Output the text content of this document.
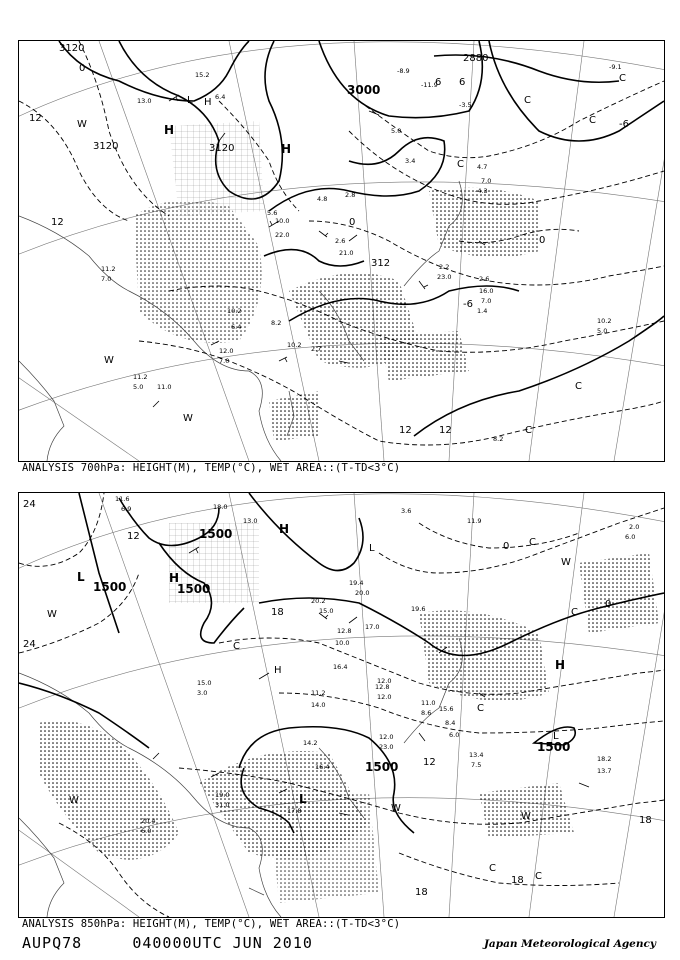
3120
3120	3120
3000
2880
312
H
H
L H
0
12
12
0
6
-6
-6
0
6
12	12
C
C
C
W
W
C
C
W
C
13.0
15.2
6.4
-8.9
-11.9
-3.5
-9.1
5.0
3.4
4.7
7.0
-4.3
2.8
4.8
5.6
10.0
22.0
2.6
21.0
2.2
23.0	2.6
16.0
7.0
1.4
10.2
5.0
11.0
10.2
6.4	8.2
10.2 2.7
12.0
7.0
11.2
7.0
11.2
5.0
8.2
ANALYSIS 700hPa: HEIGHT(M), TEMP(°C), WET AREA::(T-TD<3°C)
1500
1500	1500
1500
1500
L	H
L
H
L
L
H
H
24
12
24
18
12
18
18
18
0
0
W
C
W
W
W
C
C
C
C
C
W
11.6
6.9	18.0
13.0
3.6
11.9
2.0
6.0
19.4
20.0
20.2
15.0
17.0
19.6
12.8
10.0
16.4
12.0
11.2
14.0
12.8
12.0
15.0
3.0
11.0
8.6 15.6
8.4
6.0
12.0
23.0
13.4
7.5
18.2
13.7
20.4
6.0
17.8
19.0
31.0
16.4
14.2
ANALYSIS 850hPa: HEIGHT(M), TEMP(°C), WET AREA::(T-TD<3°C)
AUPQ78	040000UTC JUN 2010	Japan Meteorological Agency
